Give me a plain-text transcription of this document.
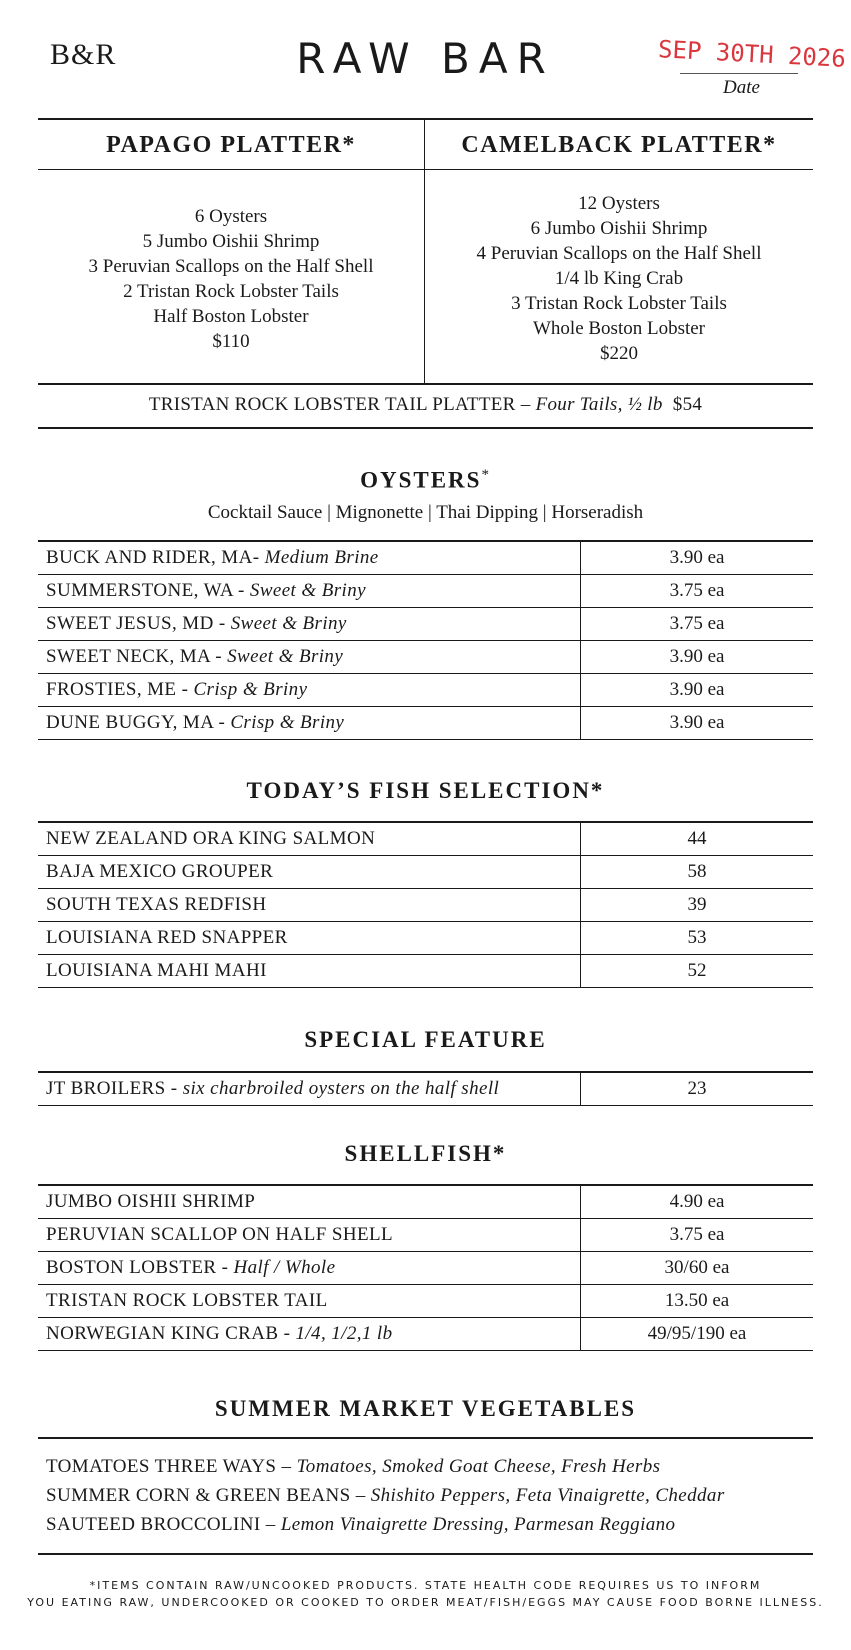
B&R	RAW BAR	SEP 30TH 2026
Date
PAPAGO PLATTER*	CAMELBACK PLATTER*
6 Oysters
5 Jumbo Oishii Shrimp
3 Peruvian Scallops on the Half Shell
2 Tristan Rock Lobster Tails
Half Boston Lobster
$110
12 Oysters
6 Jumbo Oishii Shrimp
4 Peruvian Scallops on the Half Shell
1/4 lb King Crab
3 Tristan Rock Lobster Tails
Whole Boston Lobster
$220
TRISTAN ROCK LOBSTER TAIL PLATTER – Four Tails, ½ lb $54
OYSTERS*
Cocktail Sauce | Mignonette | Thai Dipping | Horseradish
BUCK AND RIDER, MA- Medium Brine	3.90 ea
SUMMERSTONE, WA - Sweet & Briny	3.75 ea
SWEET JESUS, MD - Sweet & Briny	3.75 ea
SWEET NECK, MA - Sweet & Briny	3.90 ea
FROSTIES, ME - Crisp & Briny	3.90 ea
DUNE BUGGY, MA - Crisp & Briny	3.90 ea
TODAY’S FISH SELECTION*
NEW ZEALAND ORA KING SALMON	44
BAJA MEXICO GROUPER	58
SOUTH TEXAS REDFISH	39
LOUISIANA RED SNAPPER	53
LOUISIANA MAHI MAHI	52
SPECIAL FEATURE
JT BROILERS - six charbroiled oysters on the half shell	23
SHELLFISH*
JUMBO OISHII SHRIMP	4.90 ea
PERUVIAN SCALLOP ON HALF SHELL	3.75 ea
BOSTON LOBSTER - Half / Whole	30/60 ea
TRISTAN ROCK LOBSTER TAIL	13.50 ea
NORWEGIAN KING CRAB - 1/4, 1/2,1 lb	49/95/190 ea
SUMMER MARKET VEGETABLES
TOMATOES THREE WAYS – Tomatoes, Smoked Goat Cheese, Fresh Herbs
SUMMER CORN & GREEN BEANS – Shishito Peppers, Feta Vinaigrette, Cheddar
SAUTEED BROCCOLINI – Lemon Vinaigrette Dressing, Parmesan Reggiano
*ITEMS CONTAIN RAW/UNCOOKED PRODUCTS. STATE HEALTH CODE REQUIRES US TO INFORM
YOU EATING RAW, UNDERCOOKED OR COOKED TO ORDER MEAT/FISH/EGGS MAY CAUSE FOOD BORNE ILLNESS.
